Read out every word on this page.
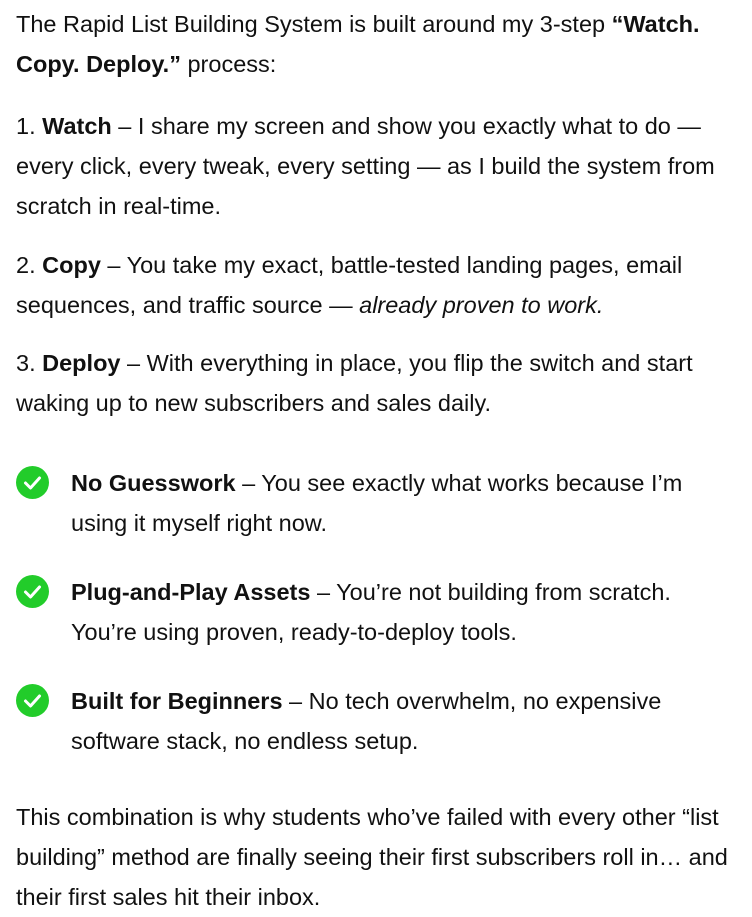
The Rapid List Building System is built around my 3-step “Watch. Copy. Deploy.” process:

1. Watch – I share my screen and show you exactly what to do — every click, every tweak, every setting — as I build the system from scratch in real-time.

2. Copy – You take my exact, battle-tested landing pages, email sequences, and traffic source — already proven to work.

3. Deploy – With everything in place, you flip the switch and start waking up to new subscribers and sales daily.

No Guesswork – You see exactly what works because I’m using it myself right now.
Plug-and-Play Assets – You’re not building from scratch. You’re using proven, ready-to-deploy tools.
Built for Beginners – No tech overwhelm, no expensive software stack, no endless setup.

This combination is why students who’ve failed with every other “list building” method are finally seeing their first subscribers roll in… and their first sales hit their inbox.
